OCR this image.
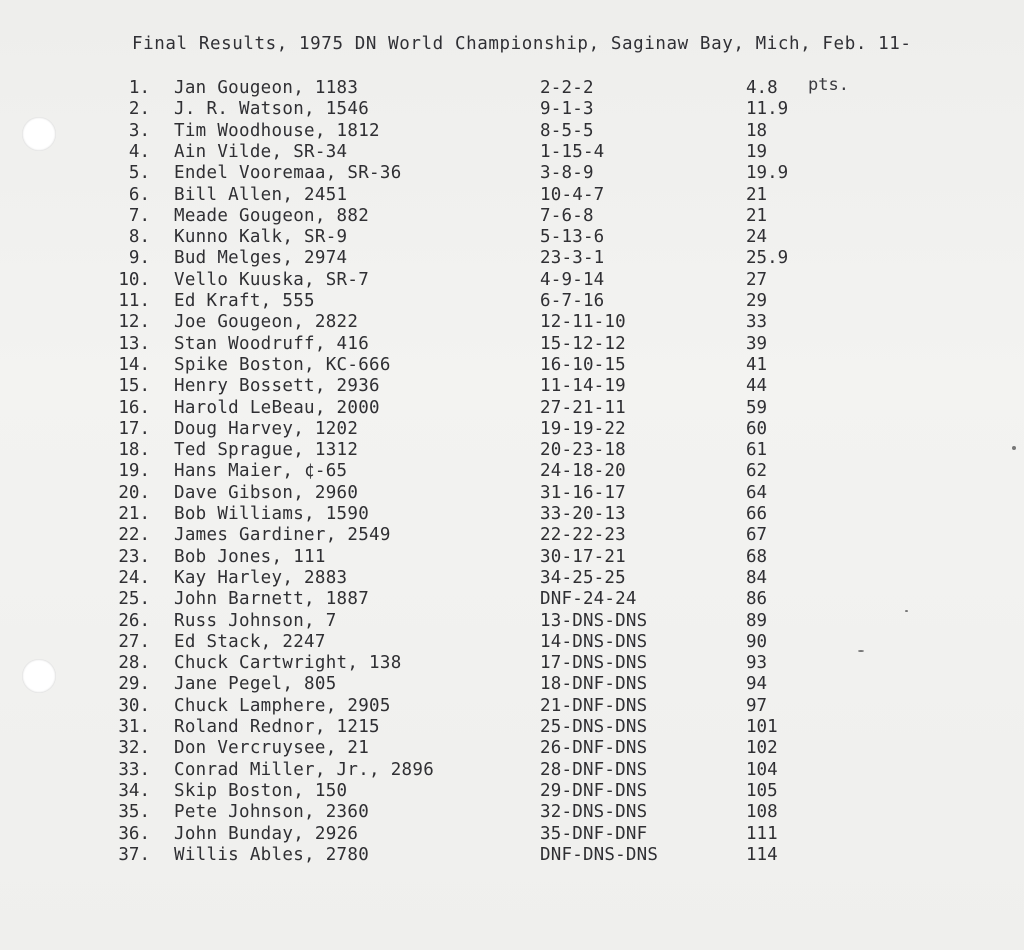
Final Results, 1975 DN World Championship, Saginaw Bay, Mich, Feb. 11-
pts.
1. Jan Gougeon, 1183	2-2-2	4.8
2. J. R. Watson, 1546	9-1-3	11.9
3. Tim Woodhouse, 1812	8-5-5	18
4. Ain Vilde, SR-34	1-15-4	19
5. Endel Vooremaa, SR-36	3-8-9	19.9
6. Bill Allen, 2451	10-4-7	21
7. Meade Gougeon, 882	7-6-8	21
8. Kunno Kalk, SR-9	5-13-6	24
9. Bud Melges, 2974	23-3-1	25.9
10. Vello Kuuska, SR-7	4-9-14	27
11. Ed Kraft, 555	6-7-16	29
12. Joe Gougeon, 2822	12-11-10	33
13. Stan Woodruff, 416	15-12-12	39
14. Spike Boston, KC-666	16-10-15	41
15. Henry Bossett, 2936	11-14-19	44
16. Harold LeBeau, 2000	27-21-11	59
17. Doug Harvey, 1202	19-19-22	60
18. Ted Sprague, 1312	20-23-18	61
19. Hans Maier, ¢-65	24-18-20	62
20. Dave Gibson, 2960	31-16-17	64
21. Bob Williams, 1590	33-20-13	66
22. James Gardiner, 2549	22-22-23	67
23. Bob Jones, 111	30-17-21	68
24. Kay Harley, 2883	34-25-25	84
25. John Barnett, 1887	DNF-24-24	86
26. Russ Johnson, 7	13-DNS-DNS	89
27. Ed Stack, 2247	14-DNS-DNS	90
28. Chuck Cartwright, 138	17-DNS-DNS	93
29. Jane Pegel, 805	18-DNF-DNS	94
30. Chuck Lamphere, 2905	21-DNF-DNS	97
31. Roland Rednor, 1215	25-DNS-DNS	101
32. Don Vercruysee, 21	26-DNF-DNS	102
33. Conrad Miller, Jr., 2896	28-DNF-DNS	104
34. Skip Boston, 150	29-DNF-DNS	105
35. Pete Johnson, 2360	32-DNS-DNS	108
36. John Bunday, 2926	35-DNF-DNF	111
37. Willis Ables, 2780	DNF-DNS-DNS	114
